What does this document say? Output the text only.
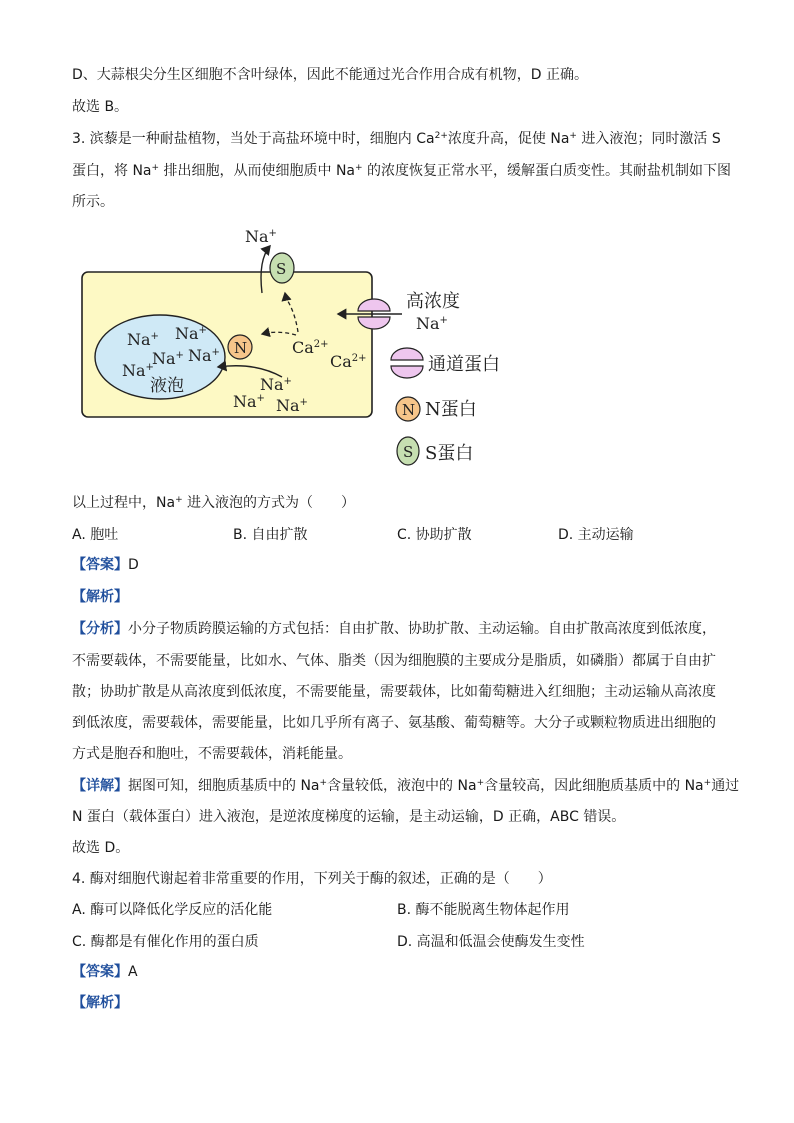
D、大蒜根尖分生区细胞不含叶绿体，因此不能通过光合作用合成有机物，D 正确。
故选 B。
3. 滨藜是一种耐盐植物，当处于高盐环境中时，细胞内 $Ca^{2+}$浓度升高，促使 Na+ 进入液泡；同时激活 S
蛋白，将 Na+ 排出细胞，从而使细胞质中 Na+ 的浓度恢复正常水平，缓解蛋白质变性。其耐盐机制如下图
所示。
Na+ Na+
Na+ Na+
Na+
液泡
N
Na+
Na+ Na+
$Ca^{2+}$
$Ca^{2+}$
S
Na+
高浓度
Na+
通道蛋白
N N蛋白
S S蛋白
以上过程中，Na+ 进入液泡的方式为（　　）
A. 胞吐	B. 自由扩散	C. 协助扩散	D. 主动运输
【答案】D
【解析】
【分析】小分子物质跨膜运输的方式包括：自由扩散、协助扩散、主动运输。自由扩散高浓度到低浓度，
不需要载体，不需要能量，比如水、气体、脂类（因为细胞膜的主要成分是脂质，如磷脂）都属于自由扩
散；协助扩散是从高浓度到低浓度，不需要能量，需要载体，比如葡萄糖进入红细胞；主动运输从高浓度
到低浓度，需要载体，需要能量，比如几乎所有离子、氨基酸、葡萄糖等。大分子或颗粒物质进出细胞的
方式是胞吞和胞吐，不需要载体，消耗能量。
【详解】据图可知，细胞质基质中的 Na+含量较低，液泡中的 Na+含量较高，因此细胞质基质中的 Na+通过
N 蛋白（载体蛋白）进入液泡，是逆浓度梯度的运输，是主动运输，D 正确，ABC 错误。
故选 D。
4. 酶对细胞代谢起着非常重要的作用，下列关于酶的叙述，正确的是（　　）
A. 酶可以降低化学反应的活化能	B. 酶不能脱离生物体起作用
C. 酶都是有催化作用的蛋白质	D. 高温和低温会使酶发生变性
【答案】A
【解析】
